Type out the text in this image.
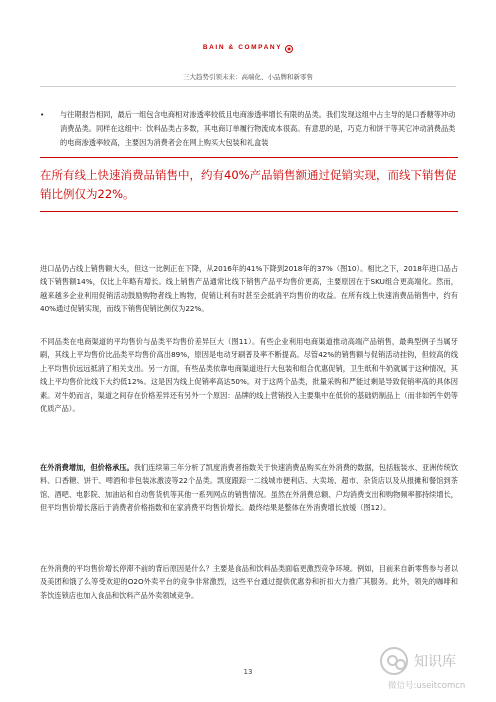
BAIN & COMPANY ◉
三大趋势引领未来：高端化、小品牌和新零售
•	与往期报告相同，最后一组包含电商相对渗透率较低且电商渗透率增长有限的品类。我们发现这组中占主导的是口香糖等冲动消费品类。同样在这组中：饮料品类占多数，其电商订单履行物流成本很高。有意思的是，巧克力和饼干等其它冲动消费品类的电商渗透率较高，主要因为消费者会在网上购买大包装和礼盒装
在所有线上快速消费品销售中，约有40%产品销售额通过促销实现，而线下销售促销比例仅为22%。

进口品仍占线上销售额大头，但这一比例正在下降，从2016年的41%下降到2018年的37%（图10）。相比之下，2018年进口品占线下销售额14%，仅比上年略有增长。线上销售产品通常比线下销售产品平均售价更高，主要原因在于SKU组合更高端化。然而，越来越多企业利用促销活动鼓励购物者线上购物，促销让利有时甚至会抵消平均售价的收益。在所有线上快速消费品销售中，约有40%通过促销实现，而线下销售促销比例仅为22%。

不同品类在电商渠道的平均售价与品类平均售价差异巨大（图11）。有些企业利用电商渠道推动高端产品销售，最典型例子当属牙刷，其线上平均售价比品类平均售价高出89%，原因是电动牙刷普及率不断提高。尽管42%的销售额与促销活动挂钩，但较高的线上平均售价远远抵消了相关支出。另一方面，有些品类依靠电商渠道进行大包装和组合优惠促销，卫生纸和牛奶就属于这种情况，其线上平均售价比线下大约低12%。这是因为线上促销率高达50%。对于这两个品类，批量采购和严能过剩是导致促销率高的具体因素。对牛奶而言，渠道之间存在价格差异还有另外一个原因：品牌的线上营销投入主要集中在低价的基础奶制品上（而非如钙牛奶等优质产品）。

在外消费增加，但价格承压。我们连续第三年分析了凯度消费者指数关于快速消费品购买在外消费的数据，包括瓶装水、亚洲传统饮料、口香糖、饼干、啤酒和非包装冰激凌等22个品类。凯度跟踪一二线城市便利店、大卖场、超市、杂货店以及从报摊和餐馆到茶馆、酒吧、电影院、加油站和自动售货机等其他一系列网点的销售情况。虽然在外消费总额、户均消费支出和购物频率都持续增长，但平均售价增长落后于消费者价格指数和在家消费平均售价增长。最终结果是整体在外消费增长放缓（图12）。

在外消费的平均售价增长停滞不前的背后原因是什么？主要是食品和饮料品类面临更激烈竞争环境。例如，目前来自新零售参与者以及美团和饿了么等受欢迎的O2O外卖平台的竞争非常激烈，这些平台通过提供优惠券和折扣大力推广其服务。此外，领先的咖啡和茶饮连锁店也加入食品和饮料产品外卖领域竞争。

13
知识库
微信号:useitcomcn
